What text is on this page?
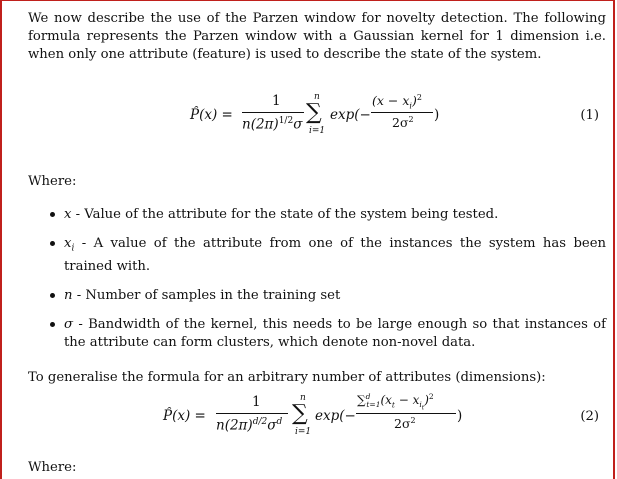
We now describe the use of the Parzen window for novelty detection. The following formula represents the Parzen window with a Gaussian kernel for 1 dimension i.e. when only one attribute (feature) is used to describe the state of the system.
P̂(x) =
1
$n(2\pi)^{1/2}\sigma$
n
∑
i=1
exp(−
$(x - x_i)^2$
$2\sigma^2$ )	(1)
Where:
x - Value of the attribute for the state of the system being tested.
$x_i$ - A value of the attribute from one of the instances the system has been trained with.
n - Number of samples in the training set
σ - Bandwidth of the kernel, this needs to be large enough so that instances of the attribute can form clusters, which denote non-novel data.
To generalise the formula for an arbitrary number of attributes (dimensions):
P̂(x) =
1
$n(2\pi)^{d/2}\sigma^d$
n
∑
i=1
exp(−
$\sum^d_{t=1}(x_t - x_{i_t})^2$
$2\sigma^2$	)	(2)
Where:
